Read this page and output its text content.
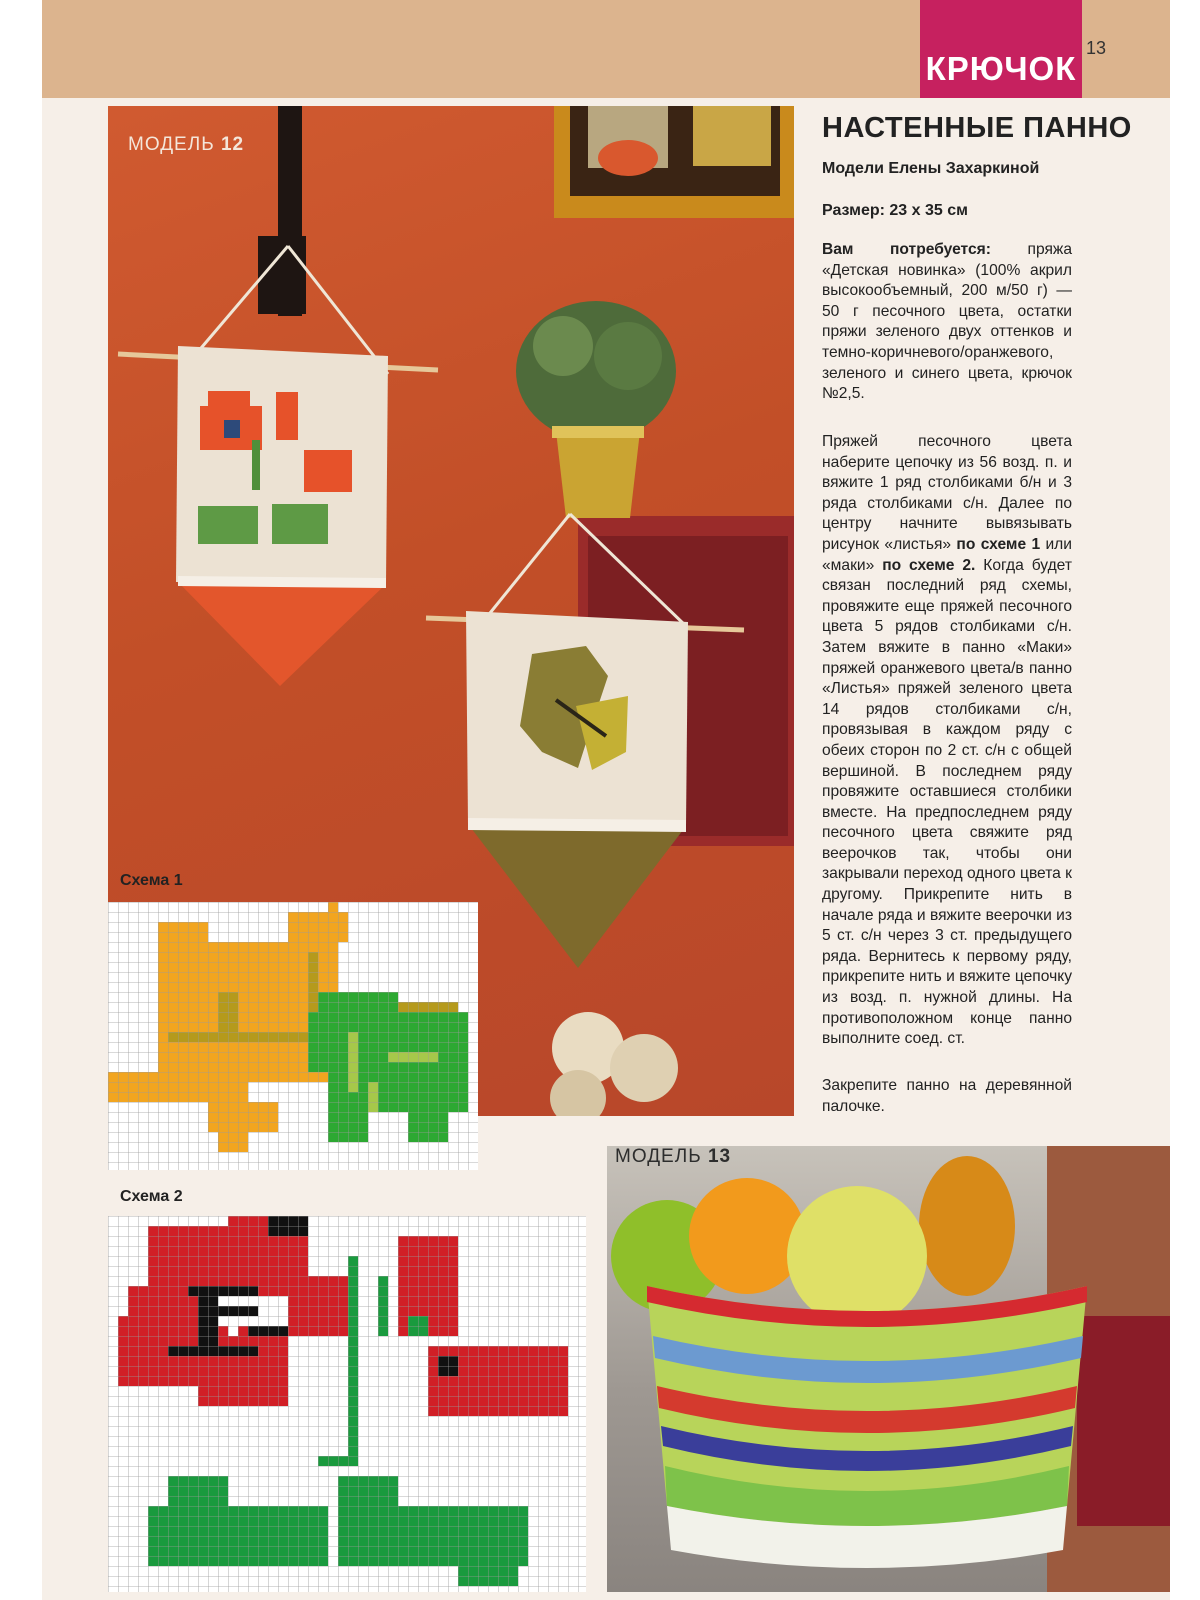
КРЮЧОК
13
МОДЕЛЬ 12
НАСТЕННЫЕ ПАННО
Модели Елены Захаркиной
Размер: 23 х 35 см
Вам потребуется: пряжа «Детская новинка» (100% акрил высокообъемный, 200 м/50 г) — 50 г песочного цвета, остатки пряжи зеленого двух оттенков и темно-коричневого/оранжевого, зеленого и синего цвета, крючок №2,5.
Пряжей песочного цвета наберите цепочку из 56 возд. п. и вяжите 1 ряд столбиками б/н и 3 ряда столбиками с/н. Далее по центру начните вывязывать рисунок «листья» по схеме 1 или «маки» по схеме 2. Когда будет связан последний ряд схемы, провяжите еще пряжей песочного цвета 5 рядов столбиками с/н. Затем вяжите в панно «Маки» пряжей оранжевого цвета/в панно «Листья» пряжей зеленого цвета 14 рядов столбиками с/н, провязывая в каждом ряду с обеих сторон по 2 ст. с/н с общей вершиной. В последнем ряду провяжите оставшиеся столбики вместе. На предпоследнем ряду песочного цвета свяжите ряд веерочков так, чтобы они закрывали переход одного цвета к другому. Прикрепите нить в начале ряда и вяжите веерочки из 5 ст. с/н через 3 ст. предыдущего ряда. Вернитесь к первому ряду, прикрепите нить и вяжите цепочку из возд. п. нужной длины. На противоположном конце панно выполните соед. ст.
Закрепите панно на деревянной палочке.
Схема 1
Схема 2
МОДЕЛЬ 13
